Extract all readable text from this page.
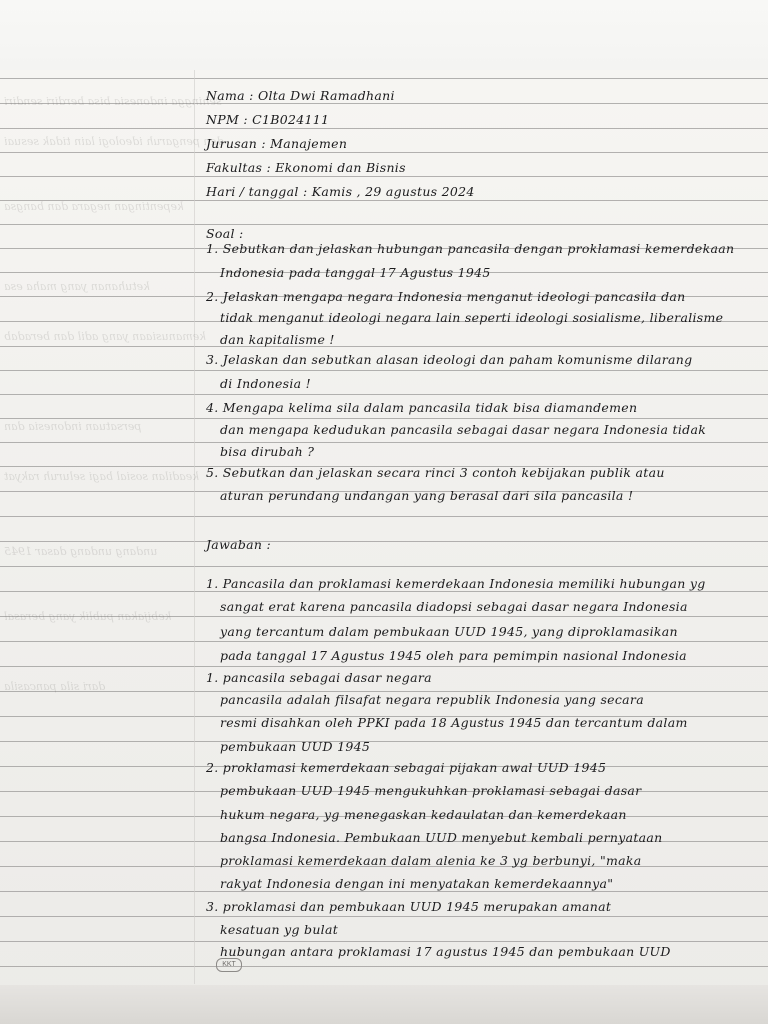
sehingga indonesia bisa berdiri sendiri
dan pengaruh ideologi lain tidak sesuai
kepentingan negara dan bangsa
ketuhanan yang maha esa
kemanusiaan yang adil dan beradab
persatuan indonesia dan
keadilan sosial bagi seluruh rakyat
undang undang dasar 1945
kebijakan publik yang berasal
dari sila pancasila
Nama : Olta Dwi Ramadhani
NPM : C1B024111
Jurusan : Manajemen
Fakultas : Ekonomi dan Bisnis
Hari / tanggal : Kamis , 29 agustus 2024
Soal :
1. Sebutkan dan jelaskan hubungan pancasila dengan proklamasi kemerdekaan
Indonesia pada tanggal 17 Agustus 1945
2. Jelaskan mengapa negara Indonesia menganut ideologi pancasila dan
tidak menganut ideologi negara lain seperti ideologi sosialisme, liberalisme
dan kapitalisme !
3. Jelaskan dan sebutkan alasan ideologi dan paham komunisme dilarang
di Indonesia !
4. Mengapa kelima sila dalam pancasila tidak bisa diamandemen
dan mengapa kedudukan pancasila sebagai dasar negara Indonesia tidak
bisa dirubah ?
5. Sebutkan dan jelaskan secara rinci 3 contoh kebijakan publik atau
aturan perundang undangan yang berasal dari sila pancasila !
Jawaban :
1. Pancasila dan proklamasi kemerdekaan Indonesia memiliki hubungan yg
sangat erat karena pancasila diadopsi sebagai dasar negara Indonesia
yang tercantum dalam pembukaan UUD 1945, yang diproklamasikan
pada tanggal 17 Agustus 1945 oleh para pemimpin nasional Indonesia
1. pancasila sebagai dasar negara
pancasila adalah filsafat negara republik Indonesia yang secara
resmi disahkan oleh PPKI pada 18 Agustus 1945 dan tercantum dalam
pembukaan UUD 1945
2. proklamasi kemerdekaan sebagai pijakan awal UUD 1945
pembukaan UUD 1945 mengukuhkan proklamasi sebagai dasar
hukum negara, yg menegaskan kedaulatan dan kemerdekaan
bangsa Indonesia. Pembukaan UUD menyebut kembali pernyataan
proklamasi kemerdekaan dalam alenia ke 3 yg berbunyi, "maka
rakyat Indonesia dengan ini menyatakan kemerdekaannya"
3. proklamasi dan pembukaan UUD 1945 merupakan amanat
kesatuan yg bulat
hubungan antara proklamasi 17 agustus 1945 dan pembukaan UUD
KKT
